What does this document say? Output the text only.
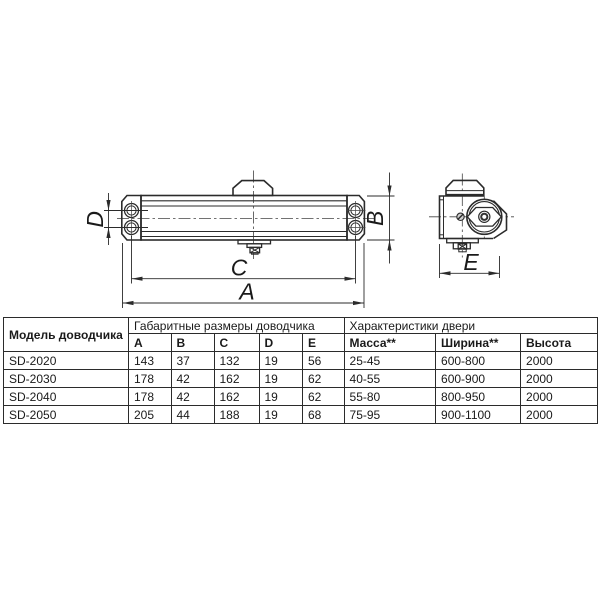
A
C
D	B
E
Модель доводчика	Габаритные размеры доводчика					Характеристики двери		
	A	B	C	D	E	Масса**	Ширина**	Высота
SD-2020	143	37	132	19	56	25-45	600-800	2000
SD-2030	178	42	162	19	62	40-55	600-900	2000
SD-2040	178	42	162	19	62	55-80	800-950	2000
SD-2050	205	44	188	19	68	75-95	900-1100	2000
